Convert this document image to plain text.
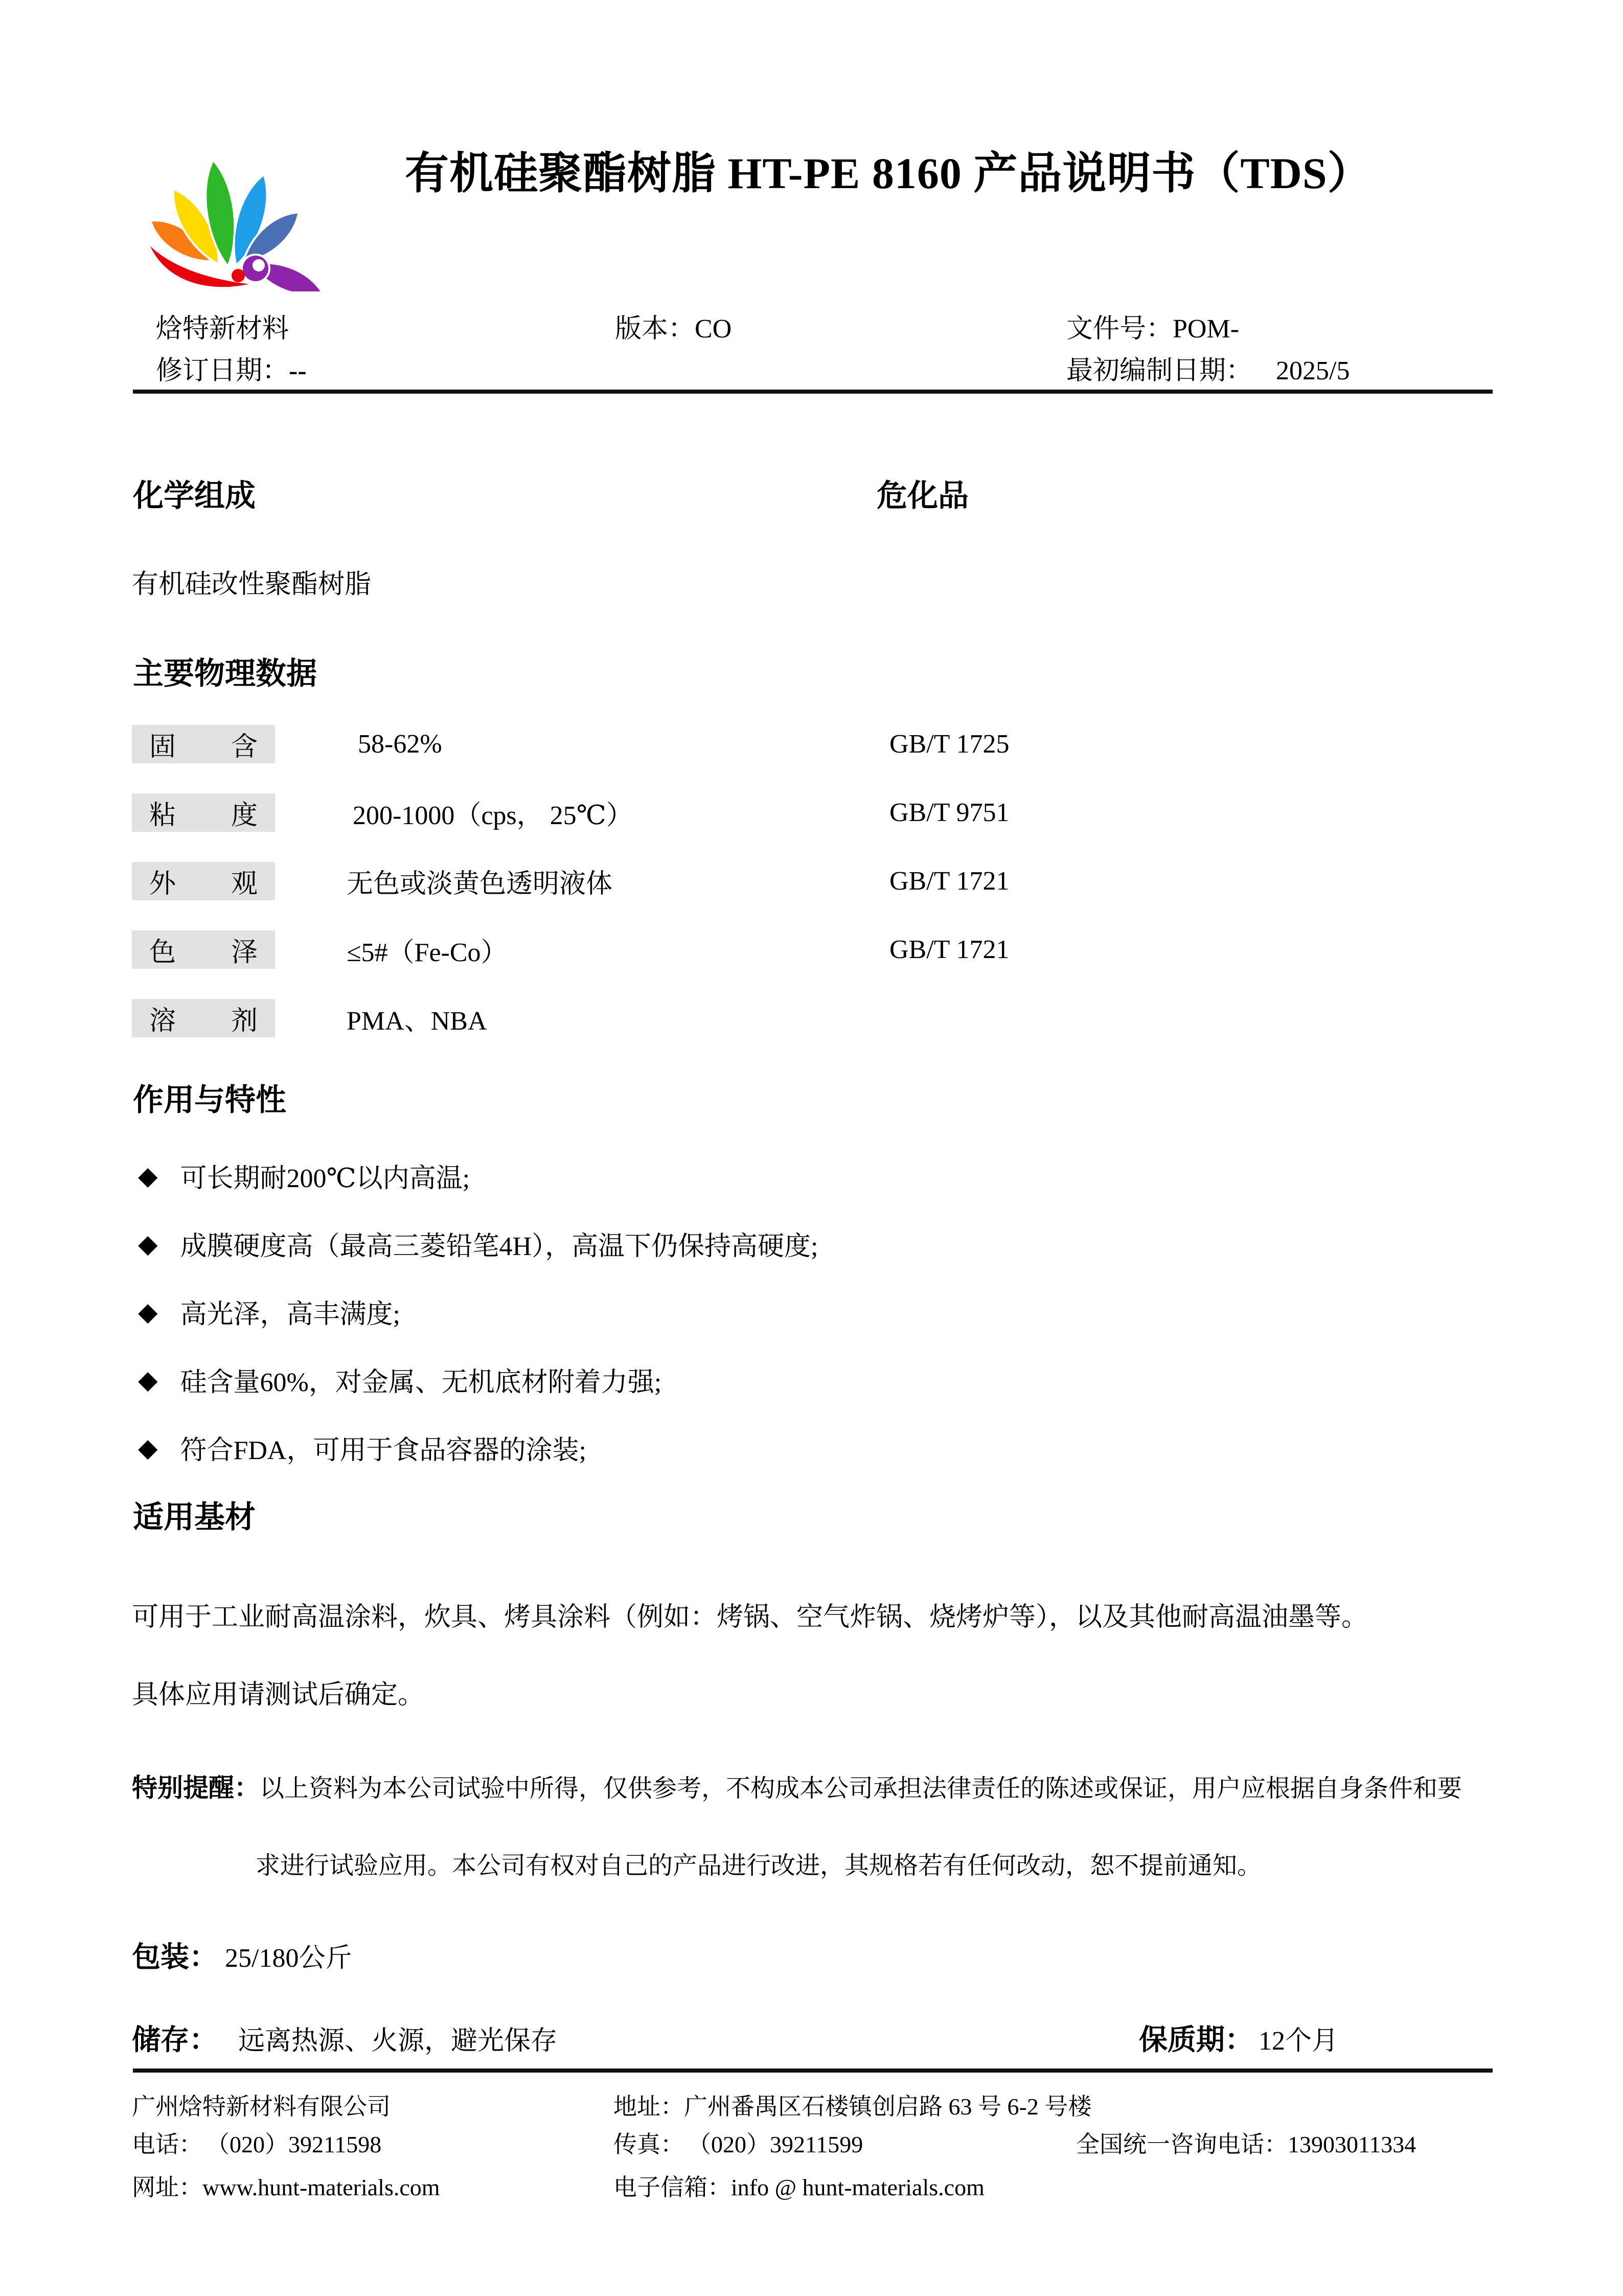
有机硅聚酯树脂 HT-PE 8160 产品说明书（TDS）
焓特新材料	版本：CO	文件号：POM-
修订日期：--	最初编制日期： 2025/5
化学组成	危化品
有机硅改性聚酯树脂
主要物理数据
固 含	58-62%	GB/T 1725
粘 度	200-1000（cps， 25℃）	GB/T 9751
外 观	无色或淡黄色透明液体	GB/T 1721
色 泽	≤5#（Fe-Co）	GB/T 1721
溶 剂	PMA、NBA
作用与特性
◆ 可长期耐200℃以内高温;
◆ 成膜硬度高（最高三菱铅笔4H），高温下仍保持高硬度;
◆ 高光泽，高丰满度;
◆ 硅含量60%，对金属、无机底材附着力强;
◆ 符合FDA，可用于食品容器的涂装;
适用基材
可用于工业耐高温涂料，炊具、烤具涂料（例如：烤锅、空气炸锅、烧烤炉等），以及其他耐高温油墨等。
具体应用请测试后确定。
特别提醒：以上资料为本公司试验中所得，仅供参考，不构成本公司承担法律责任的陈述或保证，用户应根据自身条件和要
求进行试验应用。本公司有权对自己的产品进行改进，其规格若有任何改动，恕不提前通知。
包装： 25/180公斤
储存： 远离热源、火源，避光保存	保质期： 12个月
广州焓特新材料有限公司	地址：广州番禺区石楼镇创启路 63 号 6-2 号楼
电话： （020）39211598	传真： （020）39211599	全国统一咨询电话：13903011334
网址：www.hunt-materials.com	电子信箱：info @ hunt-materials.com
